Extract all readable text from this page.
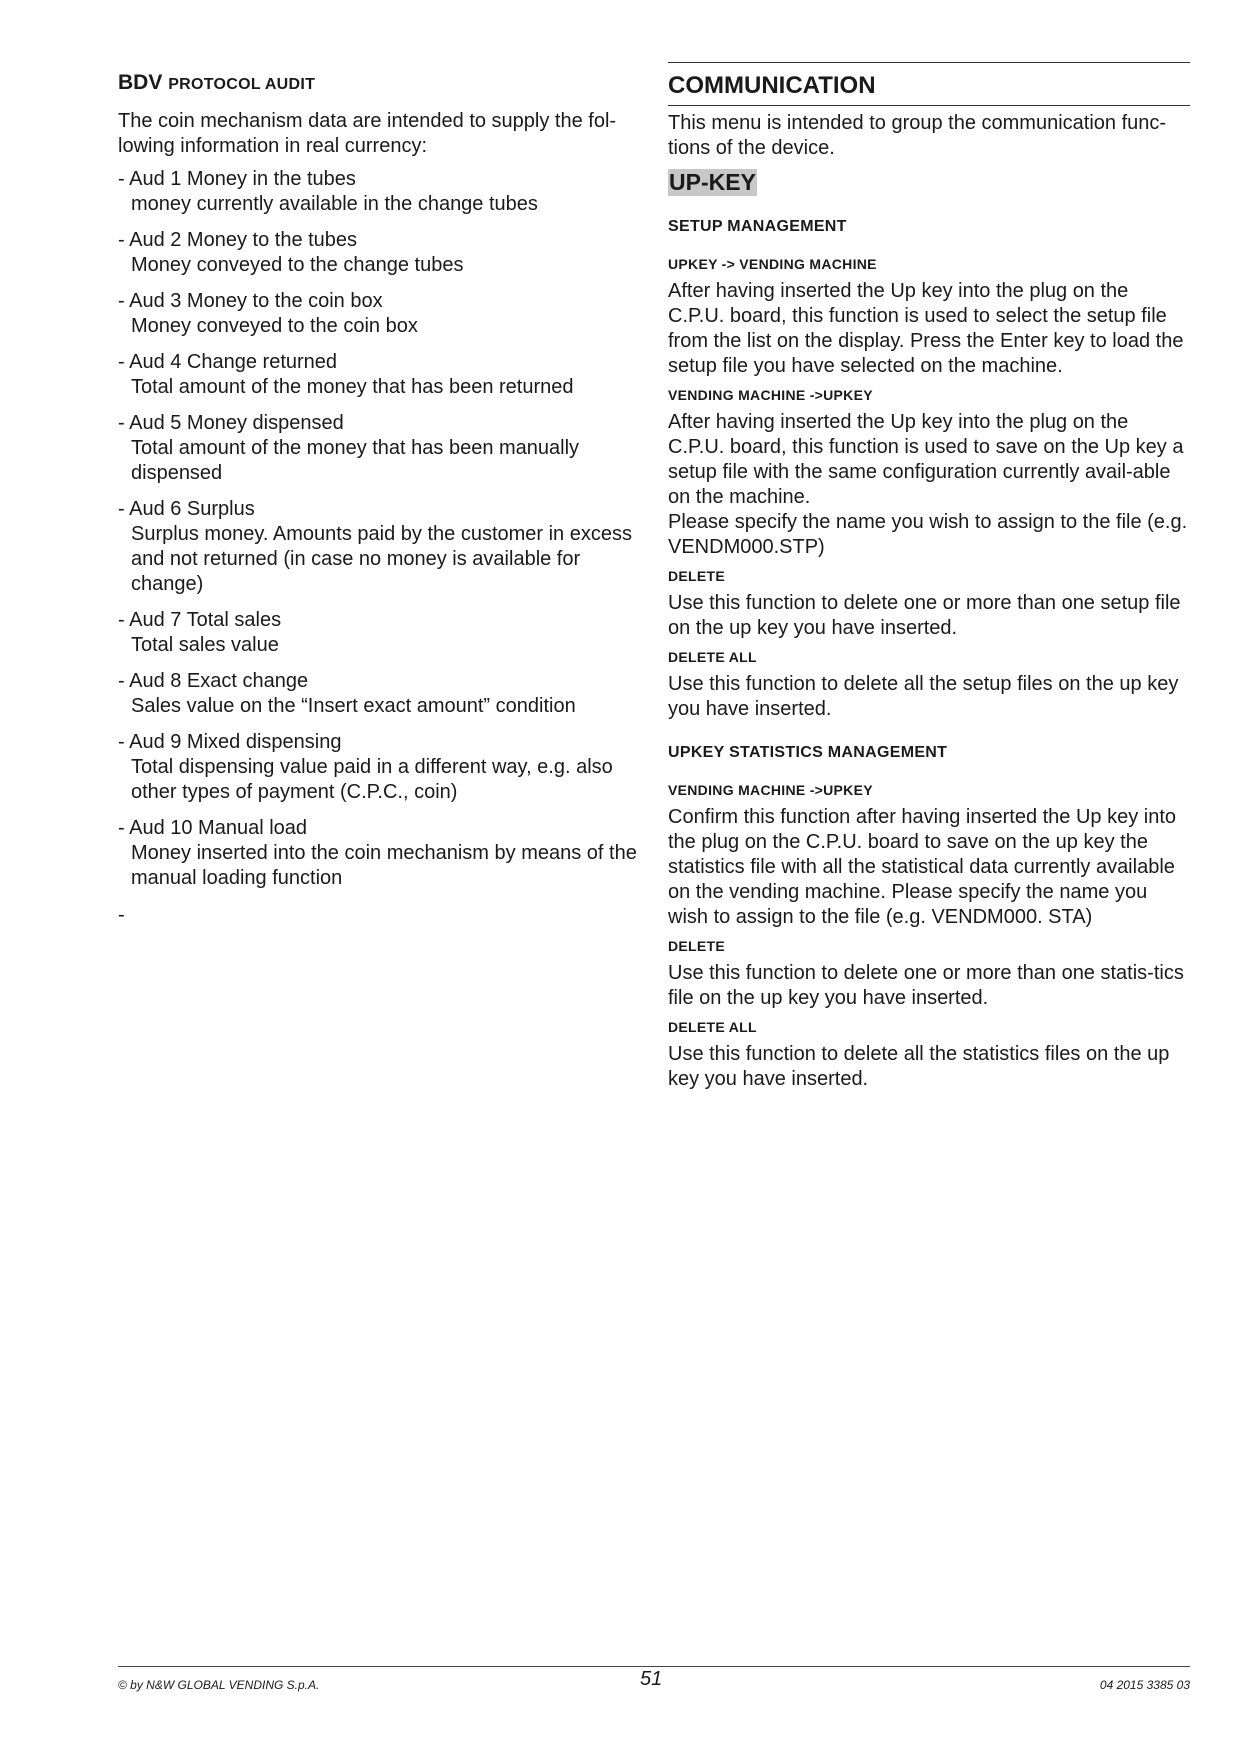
BDV PROTOCOL AUDIT

The coin mechanism data are intended to supply the fol-lowing information in real currency:

- Aud 1 Money in the tubes
money currently available in the change tubes
- Aud 2 Money to the tubes
Money conveyed to the change tubes
- Aud 3 Money to the coin box
Money conveyed to the coin box
- Aud 4 Change returned
Total amount of the money that has been returned
- Aud 5 Money dispensed
Total amount of the money that has been manually dispensed
- Aud 6 Surplus
Surplus money. Amounts paid by the customer in excess and not returned (in case no money is available for change)
- Aud 7 Total sales
Total sales value
- Aud 8 Exact change
Sales value on the “Insert exact amount” condition
- Aud 9 Mixed dispensing
Total dispensing value paid in a different way, e.g. also other types of payment (C.P.C., coin)
- Aud 10 Manual load
Money inserted into the coin mechanism by means of the manual loading function
-
COMMUNICATION

This menu is intended to group the communication func-tions of the device.

UP-KEY
SETUP MANAGEMENT
UPKEY -> VENDING MACHINE

After having inserted the Up key into the plug on the C.P.U. board, this function is used to select the setup file from the list on the display. Press the Enter key to load the setup file you have selected on the machine.

VENDING MACHINE ->UPKEY

After having inserted the Up key into the plug on the C.P.U. board, this function is used to save on the Up key a setup file with the same configuration currently avail-able on the machine.

Please specify the name you wish to assign to the file (e.g. VENDM000.STP)

DELETE

Use this function to delete one or more than one setup file on the up key you have inserted.

DELETE ALL

Use this function to delete all the setup files on the up key you have inserted.

UPKEY STATISTICS MANAGEMENT
VENDING MACHINE ->UPKEY

Confirm this function after having inserted the Up key into the plug on the C.P.U. board to save on the up key the statistics file with all the statistical data currently available on the vending machine. Please specify the name you wish to assign to the file (e.g. VENDM000. STA)

DELETE

Use this function to delete one or more than one statis-tics file on the up key you have inserted.

DELETE ALL

Use this function to delete all the statistics files on the up key you have inserted.

© by N&W GLOBAL VENDING S.p.A.	51	04 2015 3385 03
